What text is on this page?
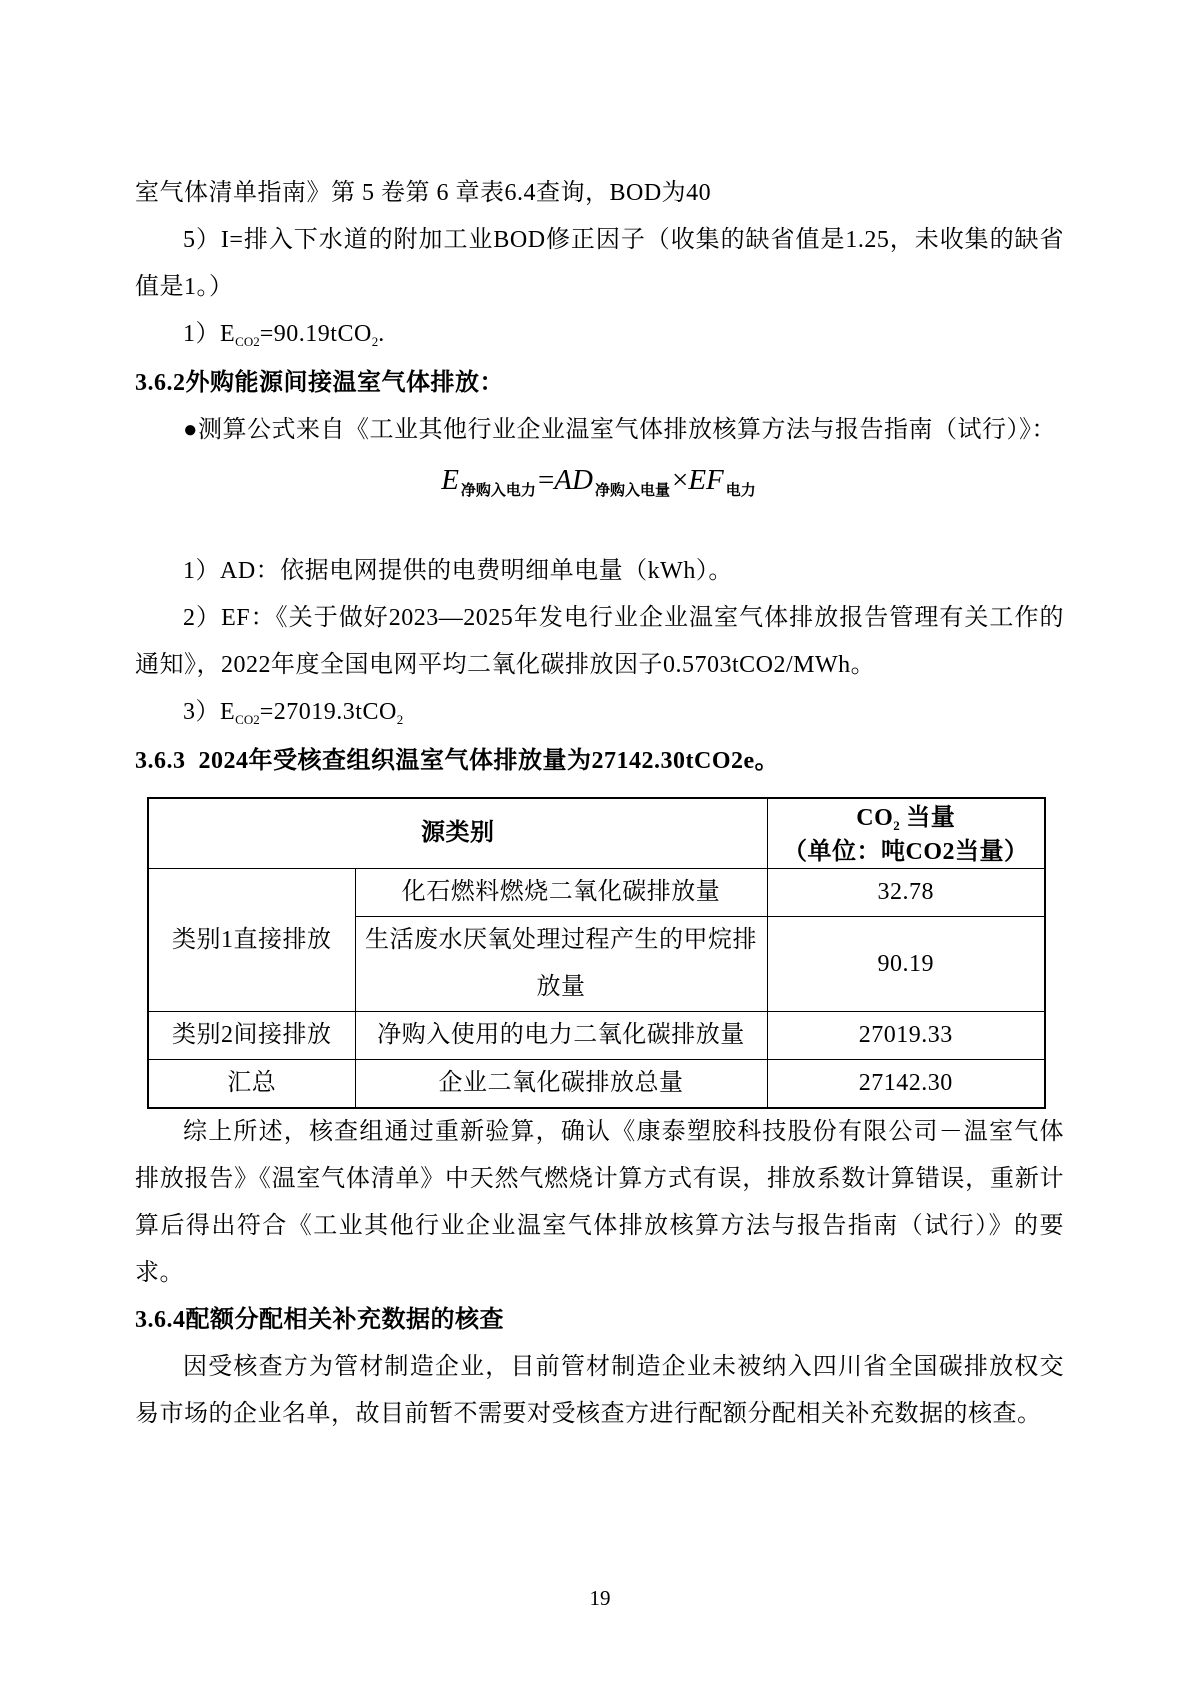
室气体清单指南》第 5 卷第 6 章表6.4查询，BOD为40

5）I=排入下水道的附加工业BOD修正因子（收集的缺省值是1.25，未收集的缺省值是1。）

$1)E_{CO2}=90.19tCO_2$.

3.6.2外购能源间接温室气体排放：

●测算公式来自《工业其他行业企业温室气体排放核算方法与报告指南（试行）》：

E $_{净购入电力}$=AD $_{净购入电量}$×EF $_{电力}$

1）AD：依据电网提供的电费明细单电量（kWh）。

2）EF：《关于做好2023—2025年发电行业企业温室气体排放报告管理有关工作的通知》，2022年度全国电网平均二氧化碳排放因子0.5703tCO2/MWh。

$3)E_{CO2}=27019.3tCO_2$

3.6.3  2024年受核查组织温室气体排放量为27142.30tCO2e。

源类别		$CO_2$ 当量
（单位：吨CO2当量）

类别1直接排放	化石燃料燃烧二氧化碳排放量	32.78
	生活废水厌氧处理过程产生的甲烷排放量	90.19
类别2间接排放	净购入使用的电力二氧化碳排放量	27019.33
汇总	企业二氧化碳排放总量	27142.30

综上所述，核查组通过重新验算，确认《康泰塑胶科技股份有限公司－温室气体排放报告》《温室气体清单》中天然气燃烧计算方式有误，排放系数计算错误，重新计算后得出符合《工业其他行业企业温室气体排放核算方法与报告指南（试行）》的要求。

3.6.4配额分配相关补充数据的核查

因受核查方为管材制造企业，目前管材制造企业未被纳入四川省全国碳排放权交易市场的企业名单，故目前暂不需要对受核查方进行配额分配相关补充数据的核查。

19
